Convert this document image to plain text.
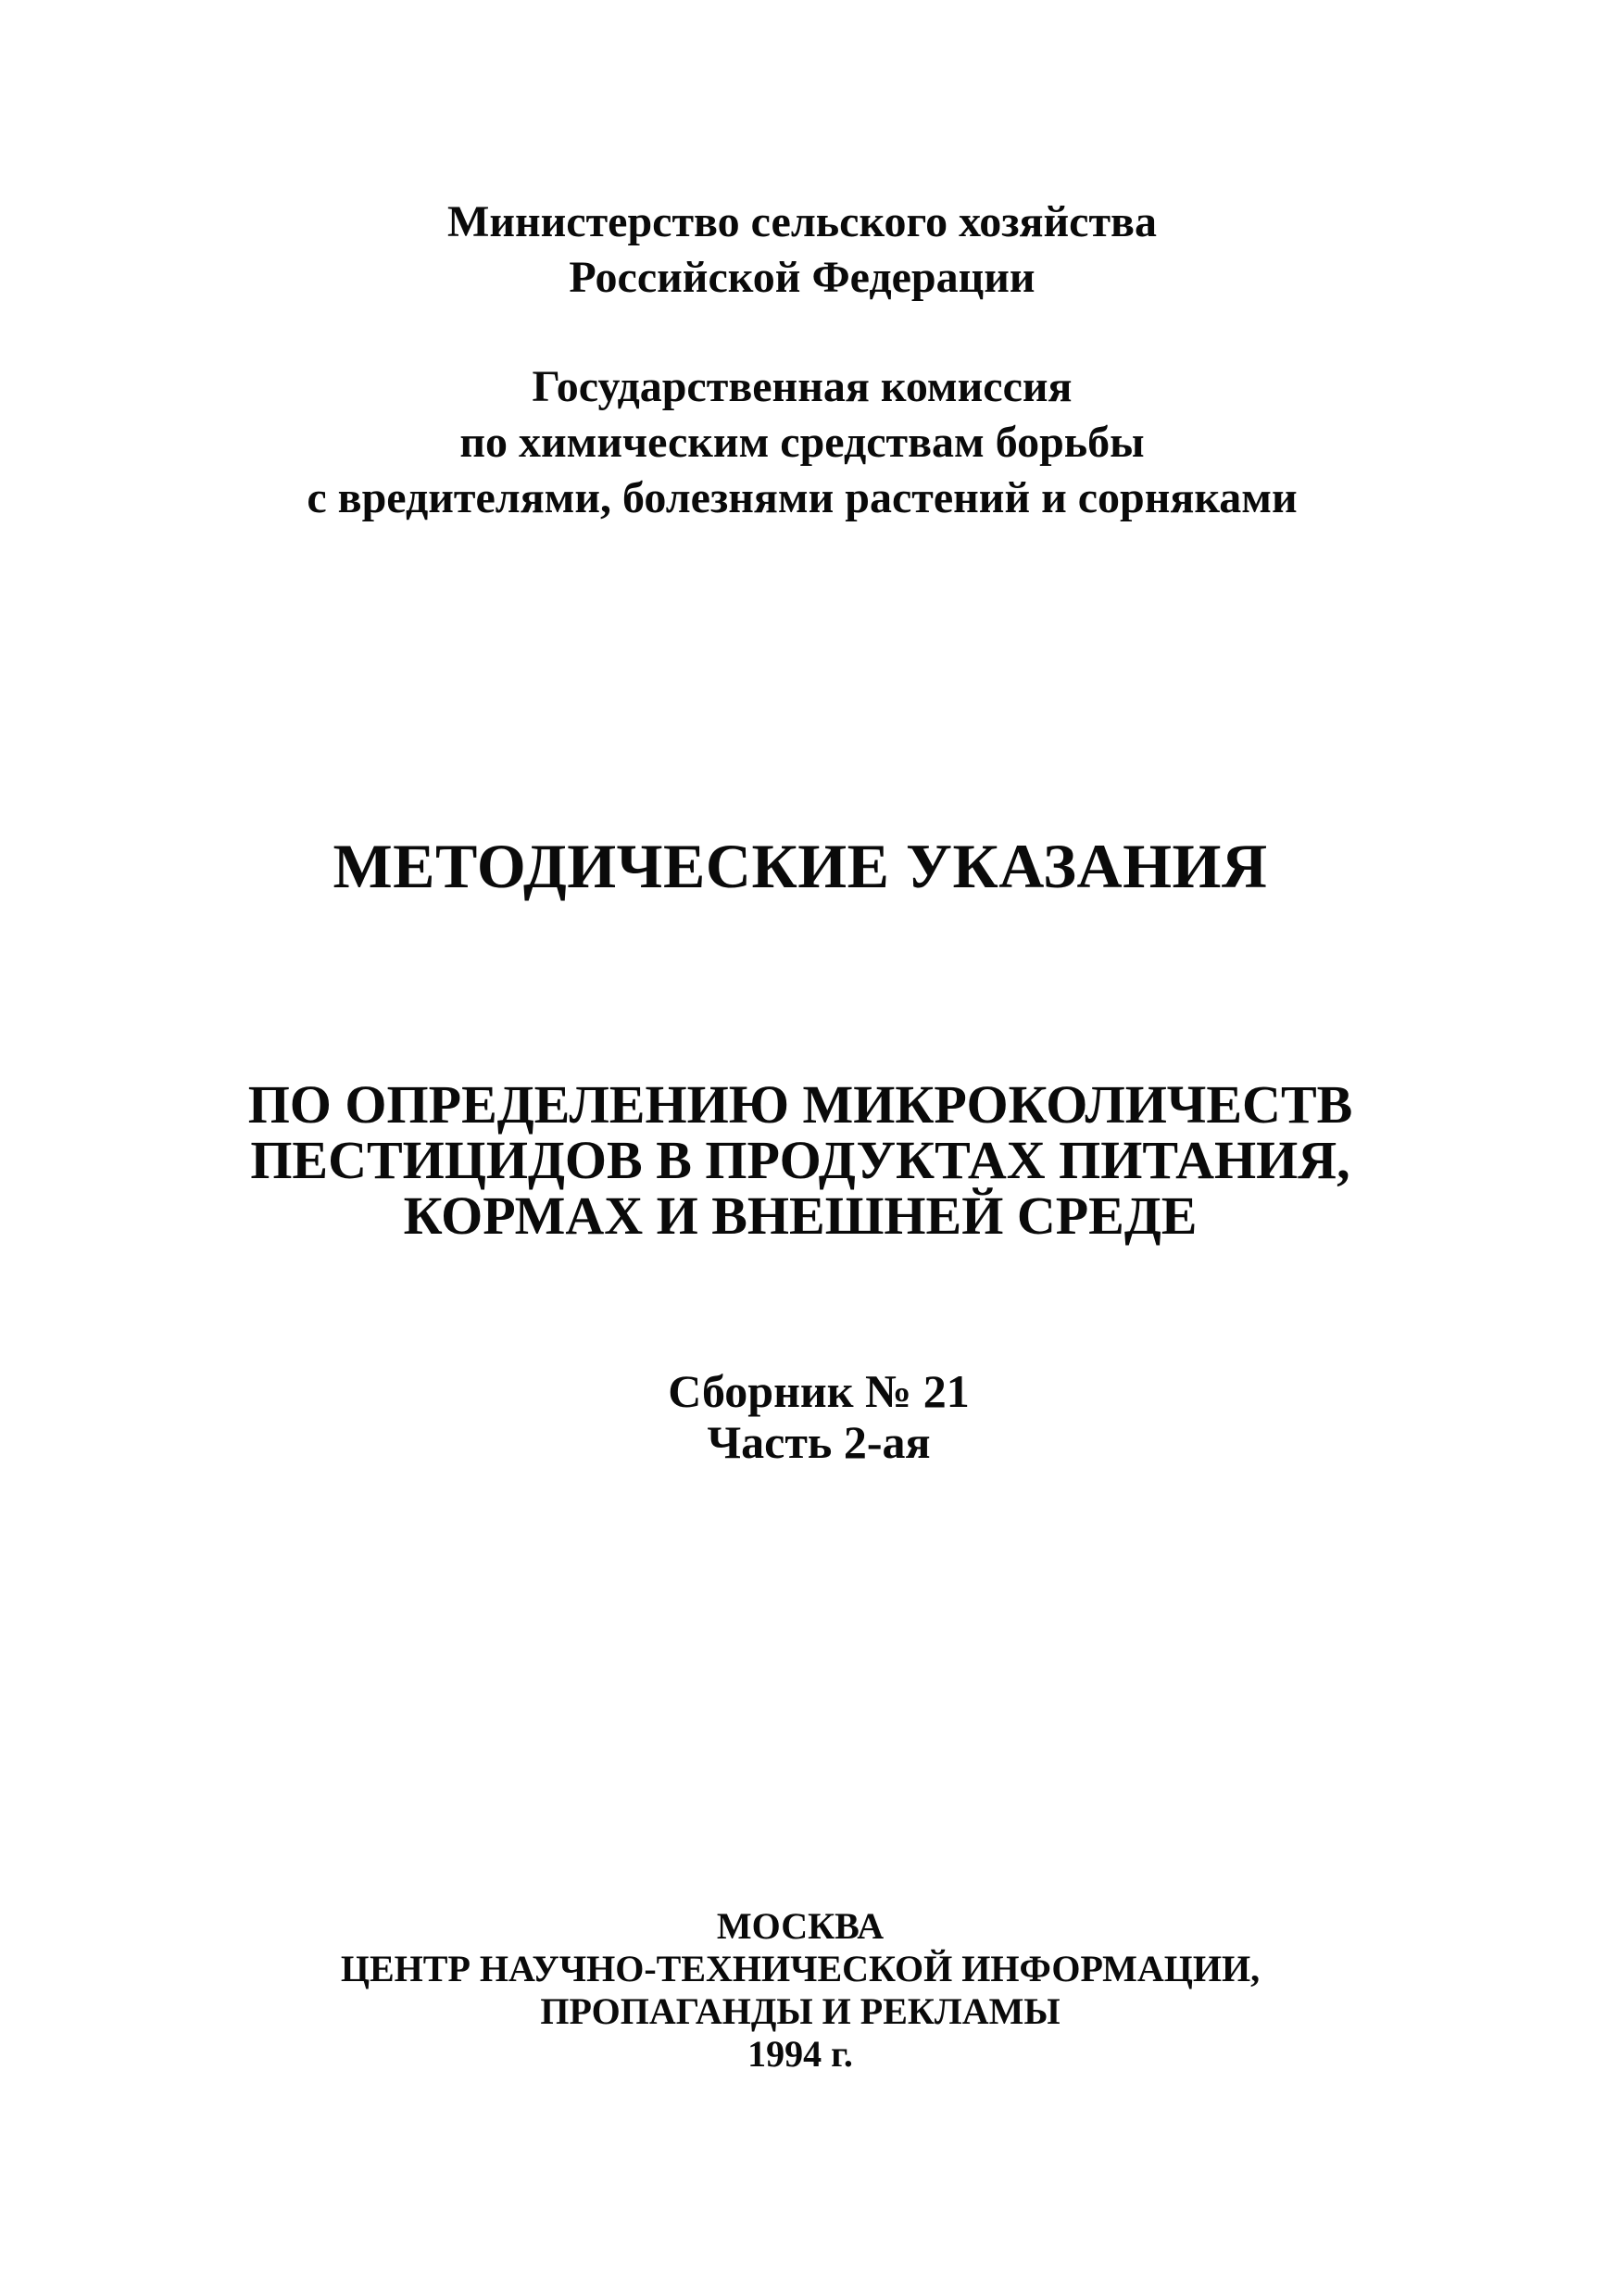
Министерство сельского хозяйства
Российской Федерации
Государственная комиссия
по химическим средствам борьбы
с вредителями, болезнями растений и сорняками
МЕТОДИЧЕСКИЕ УКАЗАНИЯ
ПО ОПРЕДЕЛЕНИЮ МИКРОКОЛИЧЕСТВ
ПЕСТИЦИДОВ В ПРОДУКТАХ ПИТАНИЯ,
КОРМАХ И ВНЕШНЕЙ СРЕДЕ
Сборник № 21
Часть 2-ая
МОСКВА
ЦЕНТР НАУЧНО-ТЕХНИЧЕСКОЙ ИНФОРМАЦИИ,
ПРОПАГАНДЫ И РЕКЛАМЫ
1994 г.
